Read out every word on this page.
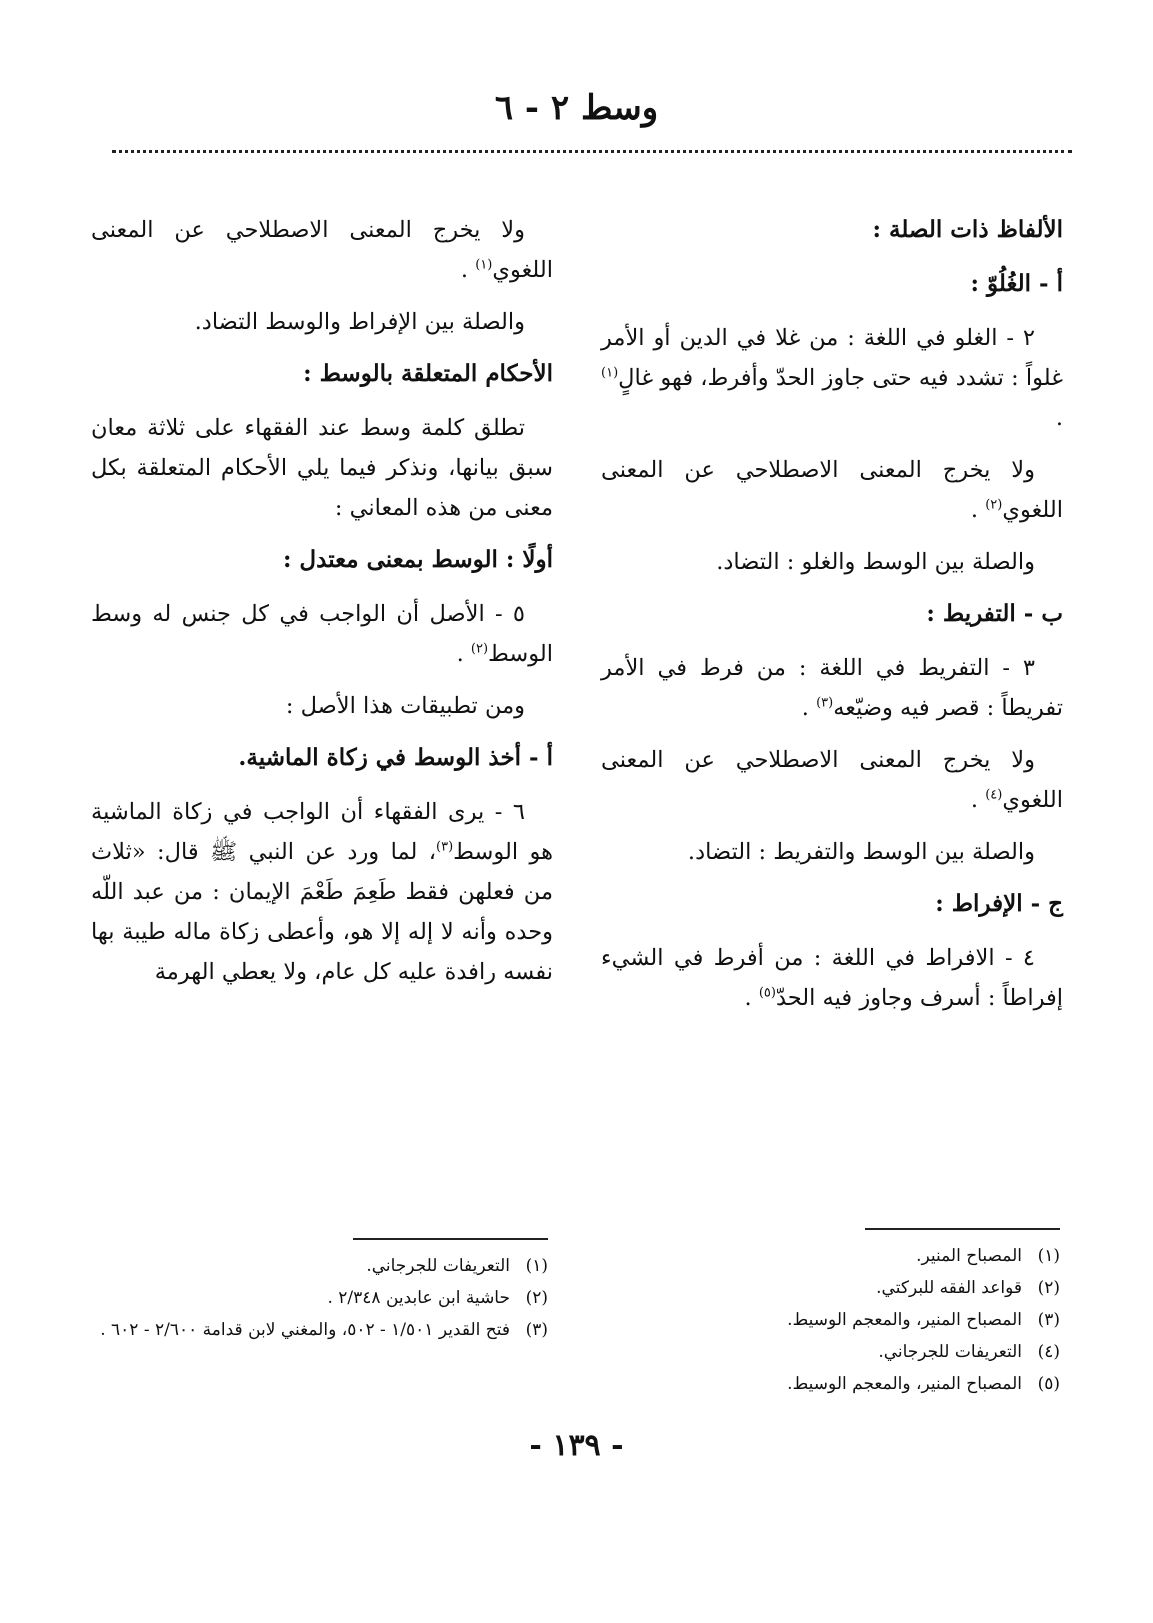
وسط ٢ - ٦
الألفاظ ذات الصلة :
أ - الغُلُوّ :
٢ - الغلو في اللغة : من غلا في الدين أو الأمر غلواً : تشدد فيه حتى جاوز الحدّ وأفرط، فهو غالٍ$^{(١)}$ .
ولا يخرج المعنى الاصطلاحي عن المعنى اللغوي$^{(٢)}$ .
والصلة بين الوسط والغلو : التضاد.
ب - التفريط :
٣ - التفريط في اللغة : من فرط في الأمر تفريطاً : قصر فيه وضيّعه$^{(٣)}$ .
ولا يخرج المعنى الاصطلاحي عن المعنى اللغوي$^{(٤)}$ .
والصلة بين الوسط والتفريط : التضاد.
ج - الإفراط :
٤ - الافراط في اللغة : من أفرط في الشيء إفراطاً : أسرف وجاوز فيه الحدّ$^{(٥)}$ .
ولا يخرج المعنى الاصطلاحي عن المعنى اللغوي$^{(١)}$ .
والصلة بين الإفراط والوسط التضاد.
الأحكام المتعلقة بالوسط :
تطلق كلمة وسط عند الفقهاء على ثلاثة معان سبق بيانها، ونذكر فيما يلي الأحكام المتعلقة بكل معنى من هذه المعاني :
أولًا : الوسط بمعنى معتدل :
٥ - الأصل أن الواجب في كل جنس له وسط الوسط$^{(٢)}$ .
ومن تطبيقات هذا الأصل :
أ - أخذ الوسط في زكاة الماشية.
٦ - يرى الفقهاء أن الواجب في زكاة الماشية هو الوسط$^{(٣)}$، لما ورد عن النبي ﷺ قال: «ثلاث من فعلهن فقط طَعِمَ طَعْمَ الإيمان : من عبد اللّه وحده وأنه لا إله إلا هو، وأعطى زكاة ماله طيبة بها نفسه رافدة عليه كل عام، ولا يعطي الهرمة
(١)
المصباح المنير.
(٢)
قواعد الفقه للبركتي.
(٣)
المصباح المنير، والمعجم الوسيط.
(٤)
التعريفات للجرجاني.
(٥)
المصباح المنير، والمعجم الوسيط.
(١)
التعريفات للجرجاني.
(٢)
حاشية ابن عابدين ٢/٣٤٨ .
(٣)
فتح القدير ١/٥٠١ - ٥٠٢، والمغني لابن قدامة ٢/٦٠٠ - ٦٠٢ .
- ١٣٩ -
